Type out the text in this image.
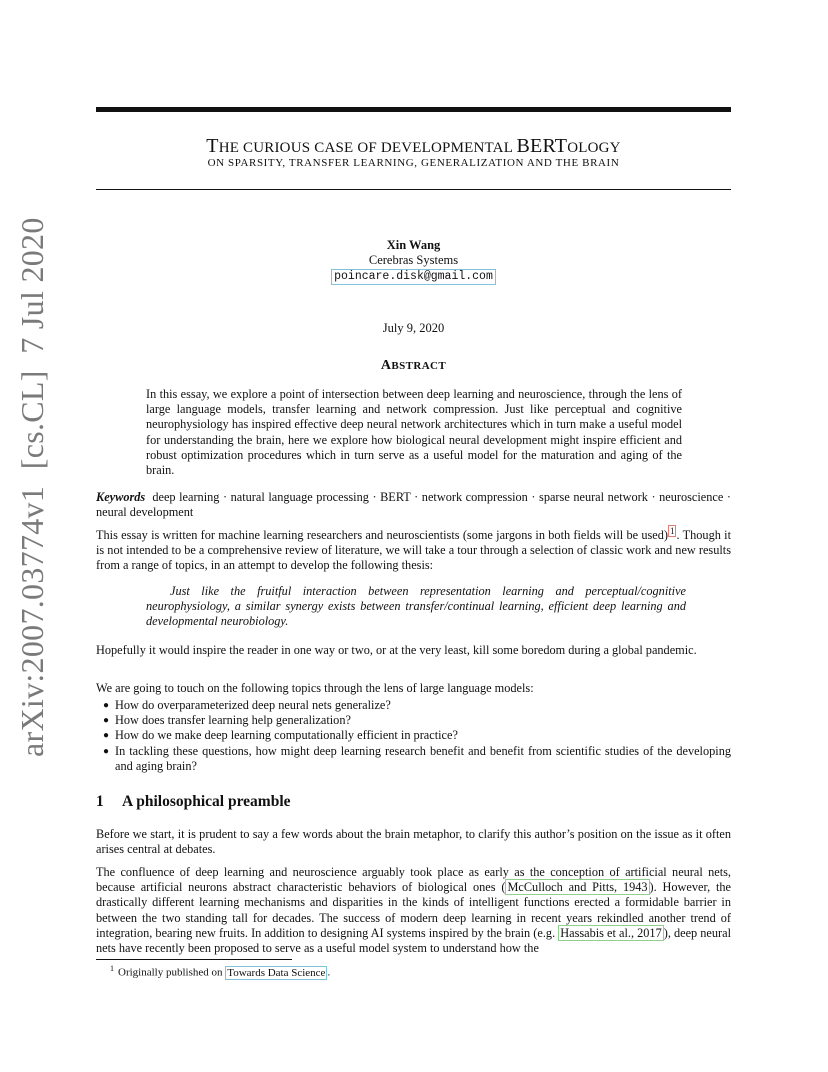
arXiv:2007.03774v1  [cs.CL]  7 Jul 2020
THE CURIOUS CASE OF DEVELOPMENTAL BERTOLOGY
ON SPARSITY, TRANSFER LEARNING, GENERALIZATION AND THE BRAIN
Xin Wang
Cerebras Systems
poincare.disk@gmail.com
July 9, 2020
ABSTRACT
In this essay, we explore a point of intersection between deep learning and neuroscience, through the lens of large language models, transfer learning and network compression. Just like perceptual and cognitive neurophysiology has inspired effective deep neural network architectures which in turn make a useful model for understanding the brain, here we explore how biological neural development might inspire efficient and robust optimization procedures which in turn serve as a useful model for the maturation and aging of the brain.
Keywords deep learning · natural language processing · BERT · network compression · sparse neural network · neuroscience · neural development
This essay is written for machine learning researchers and neuroscientists (some jargons in both fields will be used) $^1$ . Though it is not intended to be a comprehensive review of literature, we will take a tour through a selection of classic work and new results from a range of topics, in an attempt to develop the following thesis:
Just like the fruitful interaction between representation learning and perceptual/cognitive neurophysiology, a similar synergy exists between transfer/continual learning, efficient deep learning and developmental neurobiology.
Hopefully it would inspire the reader in one way or two, or at the very least, kill some boredom during a global pandemic.
We are going to touch on the following topics through the lens of large language models:
● How do overparameterized deep neural nets generalize?
● How does transfer learning help generalization?
● How do we make deep learning computationally efficient in practice?
● In tackling these questions, how might deep learning research benefit and benefit from scientific studies of the developing and aging brain?
1 A philosophical preamble
Before we start, it is prudent to say a few words about the brain metaphor, to clarify this author’s position on the issue as it often arises central at debates.
The confluence of deep learning and neuroscience arguably took place as early as the conception of artificial neural nets, because artificial neurons abstract characteristic behaviors of biological ones ( McCulloch and Pitts, 1943 ). However, the drastically different learning mechanisms and disparities in the kinds of intelligent functions erected a formidable barrier in between the two standing tall for decades. The success of modern deep learning in recent years rekindled another trend of integration, bearing new fruits. In addition to designing AI systems inspired by the brain (e.g. Hassabis et al., 2017 ), deep neural nets have recently been proposed to serve as a useful model system to understand how the
$^1$ Originally published on Towards Data Science .
